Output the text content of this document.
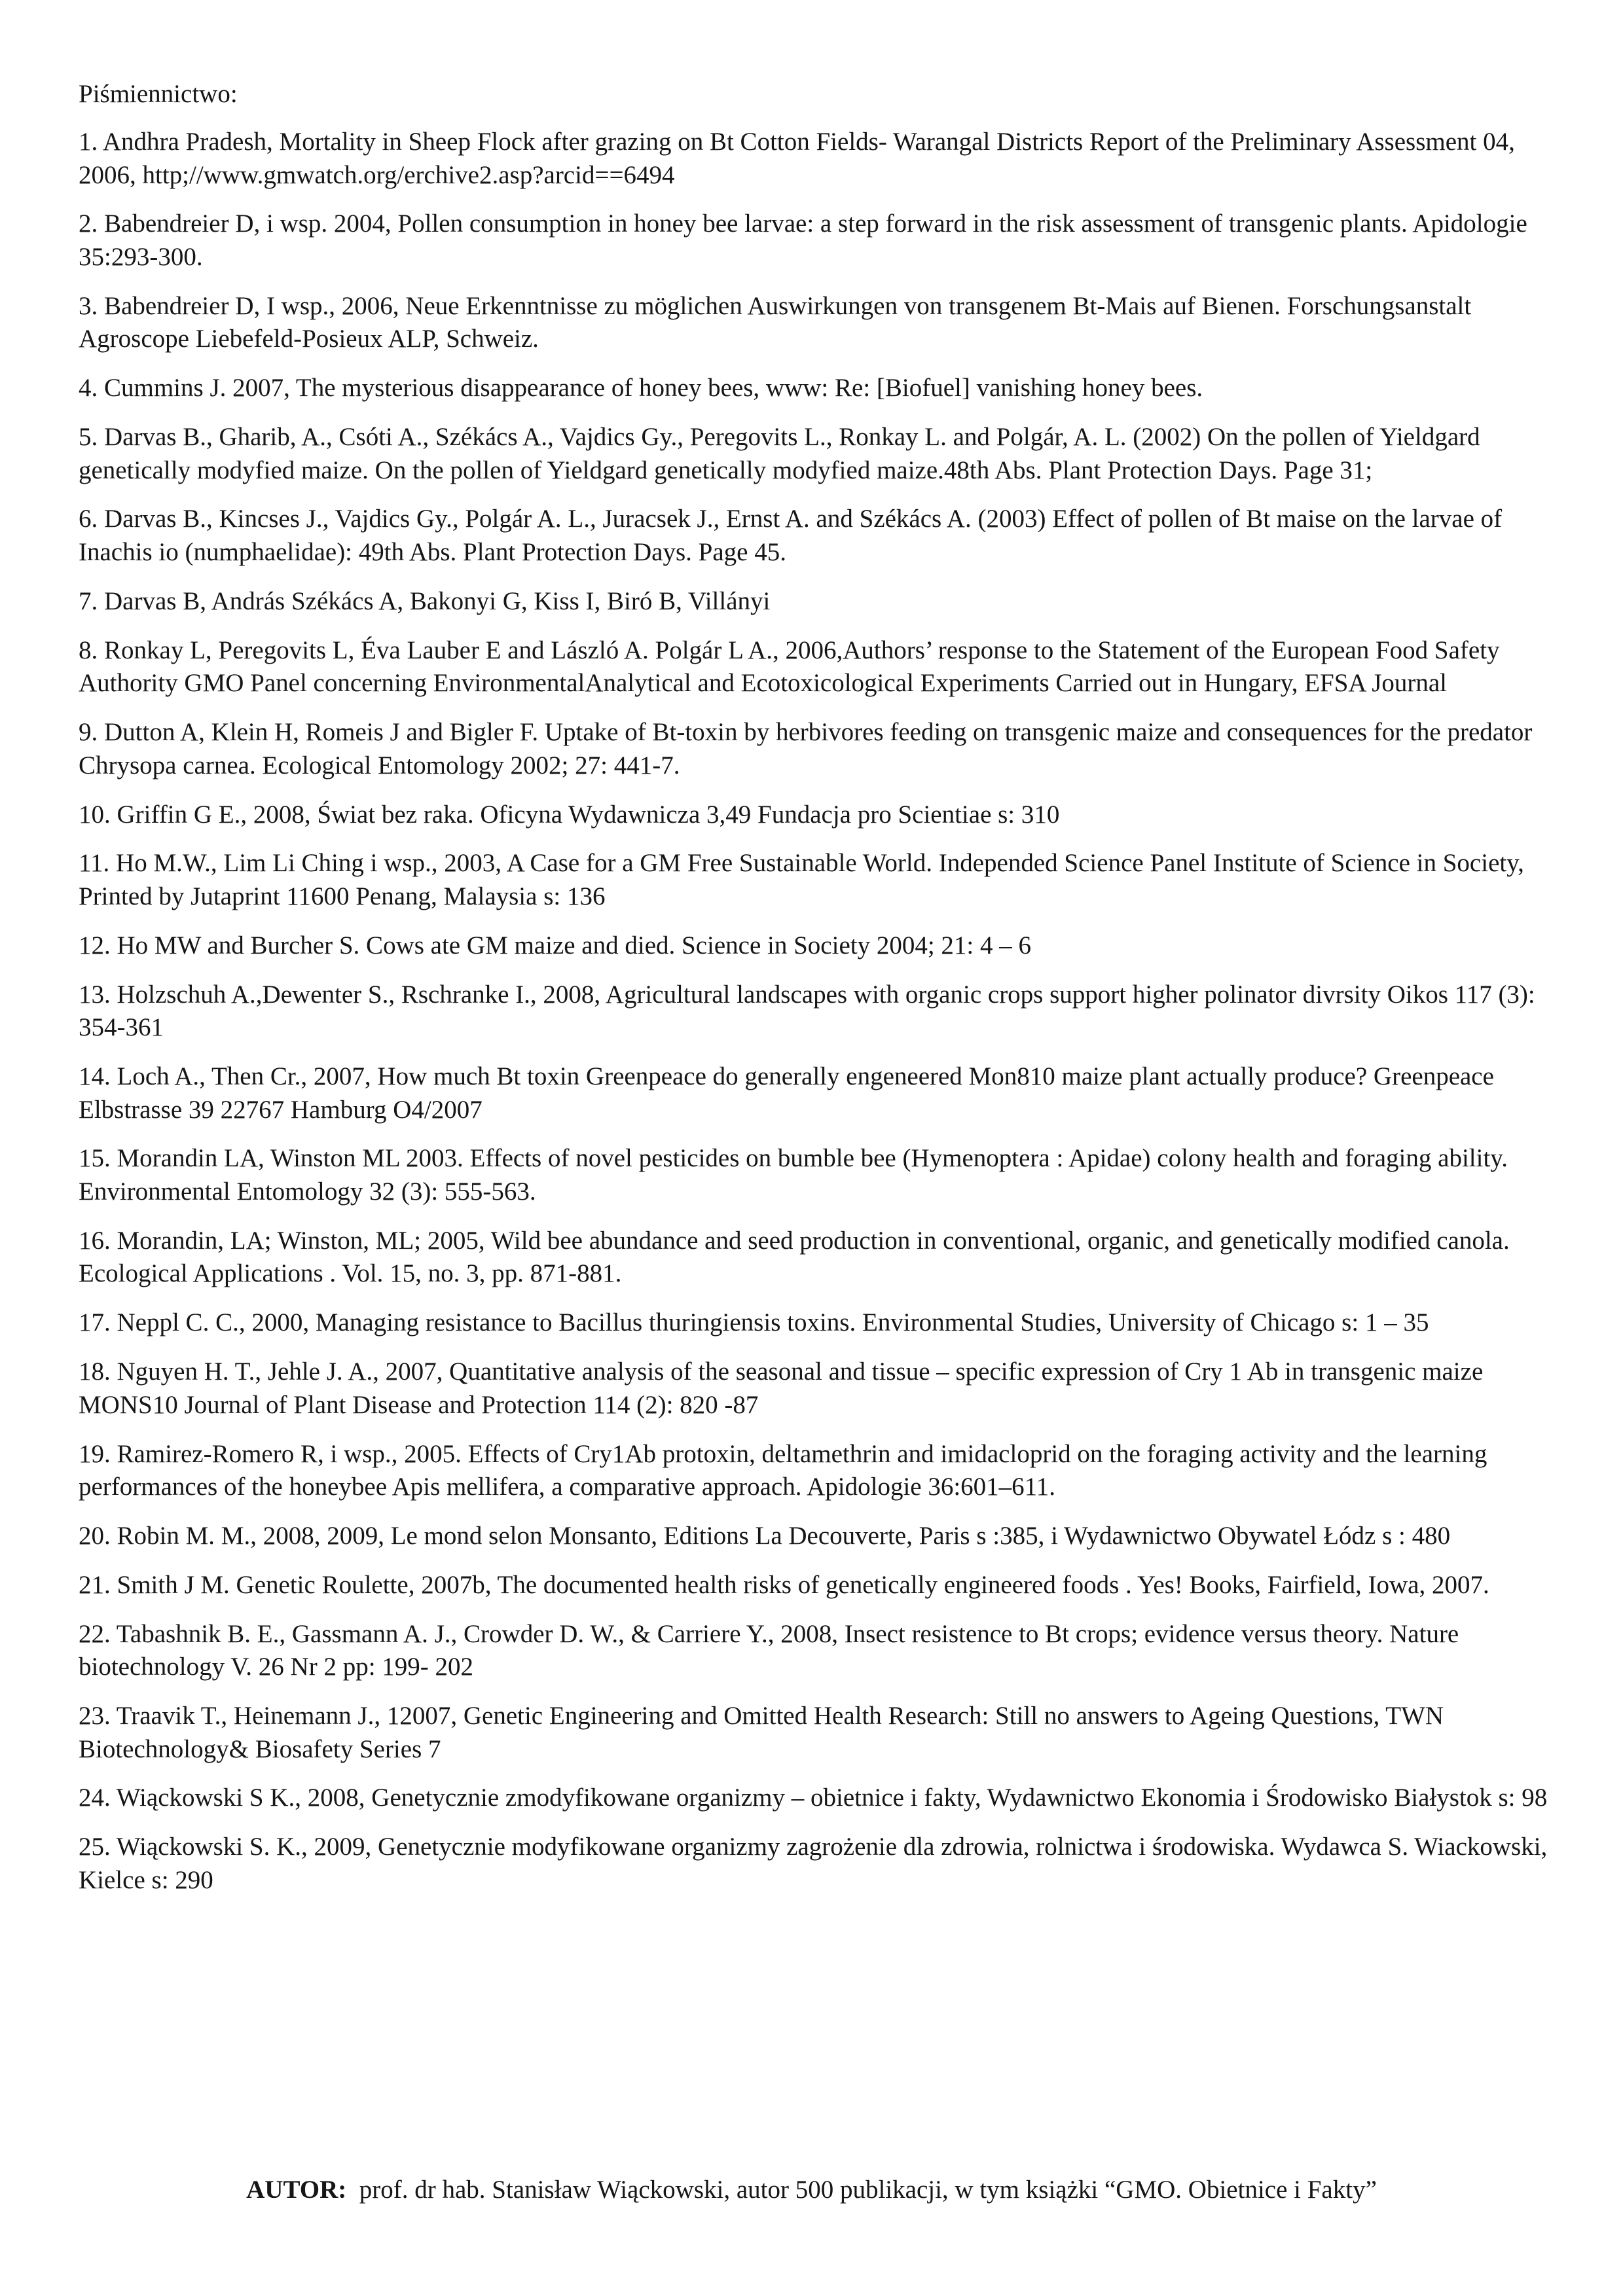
Piśmiennictwo:
1. Andhra Pradesh, Mortality in Sheep Flock after grazing on Bt Cotton Fields- Warangal Districts Report of the Preliminary Assessment 04, 2006, http;//www.gmwatch.org/erchive2.asp?arcid==6494
2. Babendreier D, i wsp. 2004, Pollen consumption in honey bee larvae: a step forward in the risk assessment of transgenic plants. Apidologie 35:293-300.
3. Babendreier D, I wsp., 2006, Neue Erkenntnisse zu möglichen Auswirkungen von transgenem Bt-Mais auf Bienen. Forschungsanstalt Agroscope Liebefeld-Posieux ALP, Schweiz.
4. Cummins J. 2007, The mysterious disappearance of honey bees, www: Re: [Biofuel] vanishing honey bees.
5. Darvas B., Gharib, A., Csóti A., Székács A., Vajdics Gy., Peregovits L., Ronkay L. and Polgár, A. L. (2002) On the pollen of Yieldgard genetically modyfied maize. On the pollen of Yieldgard genetically modyfied maize.48th Abs. Plant Protection Days. Page 31;
6. Darvas B., Kincses J., Vajdics Gy., Polgár A. L., Juracsek J., Ernst A. and Székács A. (2003) Effect of pollen of Bt maise on the larvae of Inachis io (numphaelidae): 49th Abs. Plant Protection Days. Page 45.
7. Darvas B, András Székács A, Bakonyi G, Kiss I, Biró B, Villányi
8. Ronkay L, Peregovits L, Éva Lauber E and László A. Polgár L A., 2006,Authors’ response to the Statement of the European Food Safety Authority GMO Panel concerning EnvironmentalAnalytical and Ecotoxicological Experiments Carried out in Hungary, EFSA Journal
9. Dutton A, Klein H, Romeis J and Bigler F. Uptake of Bt-toxin by herbivores feeding on transgenic maize and consequences for the predator Chrysopa carnea. Ecological Entomology 2002; 27: 441-7.
10. Griffin G E., 2008, Świat bez raka. Oficyna Wydawnicza 3,49 Fundacja pro Scientiae s: 310
11. Ho M.W., Lim Li Ching i wsp., 2003, A Case for a GM Free Sustainable World. Independed Science Panel Institute of Science in Society, Printed by Jutaprint 11600 Penang, Malaysia s: 136
12. Ho MW and Burcher S. Cows ate GM maize and died. Science in Society 2004; 21: 4 – 6
13. Holzschuh A.,Dewenter S., Rschranke I., 2008, Agricultural landscapes with organic crops support higher polinator divrsity Oikos 117 (3): 354-361
14. Loch A., Then Cr., 2007, How much Bt toxin Greenpeace do generally engeneered Mon810 maize plant actually produce? Greenpeace Elbstrasse 39 22767 Hamburg O4/2007
15. Morandin LA, Winston ML 2003. Effects of novel pesticides on bumble bee (Hymenoptera : Apidae) colony health and foraging ability. Environmental Entomology 32 (3): 555-563.
16. Morandin, LA; Winston, ML; 2005, Wild bee abundance and seed production in conventional, organic, and genetically modified canola. Ecological Applications . Vol. 15, no. 3, pp. 871-881.
17. Neppl C. C., 2000, Managing resistance to Bacillus thuringiensis toxins. Environmental Studies, University of Chicago s: 1 – 35
18. Nguyen H. T., Jehle J. A., 2007, Quantitative analysis of the seasonal and tissue – specific expression of Cry 1 Ab in transgenic maize MONS10 Journal of Plant Disease and Protection 114 (2): 820 -87
19. Ramirez-Romero R, i wsp., 2005. Effects of Cry1Ab protoxin, deltamethrin and imidacloprid on the foraging activity and the learning performances of the honeybee Apis mellifera, a comparative approach. Apidologie 36:601–611.
20. Robin M. M., 2008, 2009, Le mond selon Monsanto, Editions La Decouverte, Paris s :385, i Wydawnictwo Obywatel Łódz s : 480
21. Smith J M. Genetic Roulette, 2007b, The documented health risks of genetically engineered foods . Yes! Books, Fairfield, Iowa, 2007.
22. Tabashnik B. E., Gassmann A. J., Crowder D. W., & Carriere Y., 2008, Insect resistence to Bt crops; evidence versus theory. Nature biotechnology V. 26 Nr 2 pp: 199- 202
23. Traavik T., Heinemann J., 12007, Genetic Engineering and Omitted Health Research: Still no answers to Ageing Questions, TWN Biotechnology& Biosafety Series 7
24. Wiąckowski S K., 2008, Genetycznie zmodyfikowane organizmy – obietnice i fakty, Wydawnictwo Ekonomia i Środowisko Białystok s: 98
25. Wiąckowski S. K., 2009, Genetycznie modyfikowane organizmy zagrożenie dla zdrowia, rolnictwa i środowiska. Wydawca S. Wiackowski, Kielce s: 290
AUTOR: prof. dr hab. Stanisław Wiąckowski, autor 500 publikacji, w tym książki “GMO. Obietnice i Fakty”
